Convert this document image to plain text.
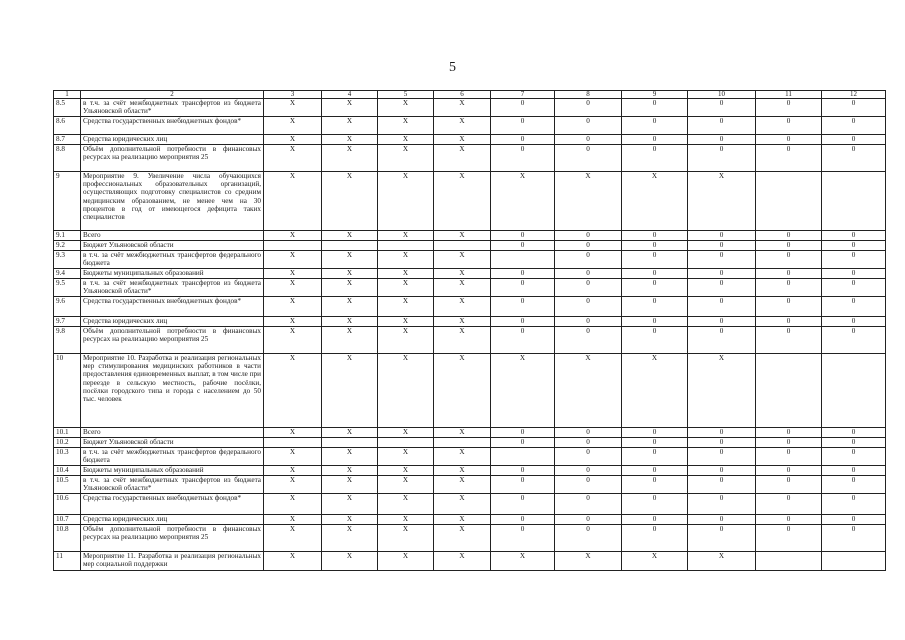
5
1	2	3	4	5	6	7	8	9	10	11	12
8.5	в т.ч. за счёт межбюджетных трансфертов из бюджета Ульяновской области*	X	X	X	X	0	0	0	0	0	0
8.6	Средства государственных внебюджетных фондов*	X	X	X	X	0	0	0	0	0	0
8.7	Средства юридических лиц	X	X	X	X	0	0	0	0	0	0
8.8	Объём дополнительной потребности в финансовых ресурсах на реализацию мероприятия 25	X	X	X	X	0	0	0	0	0	0
9	Мероприятие 9. Увеличение числа обучающихся профессиональных образовательных организаций, осуществляющих подготовку специалистов со средним медицинским образованием, не менее чем на 30 процентов в год от имеющегося дефицита таких специалистов	X	X	X	X	X	X	X	X		
9.1	Всего	X	X	X	X	0	0	0	0	0	0
9.2	Бюджет Ульяновской области					0	0	0	0	0	0
9.3	в т.ч. за счёт межбюджетных трансфертов федерального бюджета	X	X	X	X		0	0	0	0	0
9.4	Бюджеты муниципальных образований	X	X	X	X	0	0	0	0	0	0
9.5	в т.ч. за счёт межбюджетных трансфертов из бюджета Ульяновской области*	X	X	X	X	0	0	0	0	0	0
9.6	Средства государственных внебюджетных фондов*	X	X	X	X	0	0	0	0	0	0
9.7	Средства юридических лиц	X	X	X	X	0	0	0	0	0	0
9.8	Объём дополнительной потребности в финансовых ресурсах на реализацию мероприятия 25	X	X	X	X	0	0	0	0	0	0
10	Мероприятие 10. Разработка и реализация региональных мер стимулирования медицинских работников в части предоставления единовременных выплат, в том числе при переезде в сельскую местность, рабочие посёлки, посёлки городского типа и города с населением до 50 тыс. человек	X	X	X	X	X	X	X	X		
10.1	Всего	X	X	X	X	0	0	0	0	0	0
10.2	Бюджет Ульяновской области					0	0	0	0	0	0
10.3	в т.ч. за счёт межбюджетных трансфертов федерального бюджета	X	X	X	X		0	0	0	0	0
10.4	Бюджеты муниципальных образований	X	X	X	X	0	0	0	0	0	0
10.5	в т.ч. за счёт межбюджетных трансфертов из бюджета Ульяновской области*	X	X	X	X	0	0	0	0	0	0
10.6	Средства государственных внебюджетных фондов*	X	X	X	X	0	0	0	0	0	0
10.7	Средства юридических лиц	X	X	X	X	0	0	0	0	0	0
10.8	Объём дополнительной потребности в финансовых ресурсах на реализацию мероприятия 25	X	X	X	X	0	0	0	0	0	0
11	Мероприятие 11. Разработка и реализация региональных мер социальной поддержки	X	X	X	X	X	X	X	X		
